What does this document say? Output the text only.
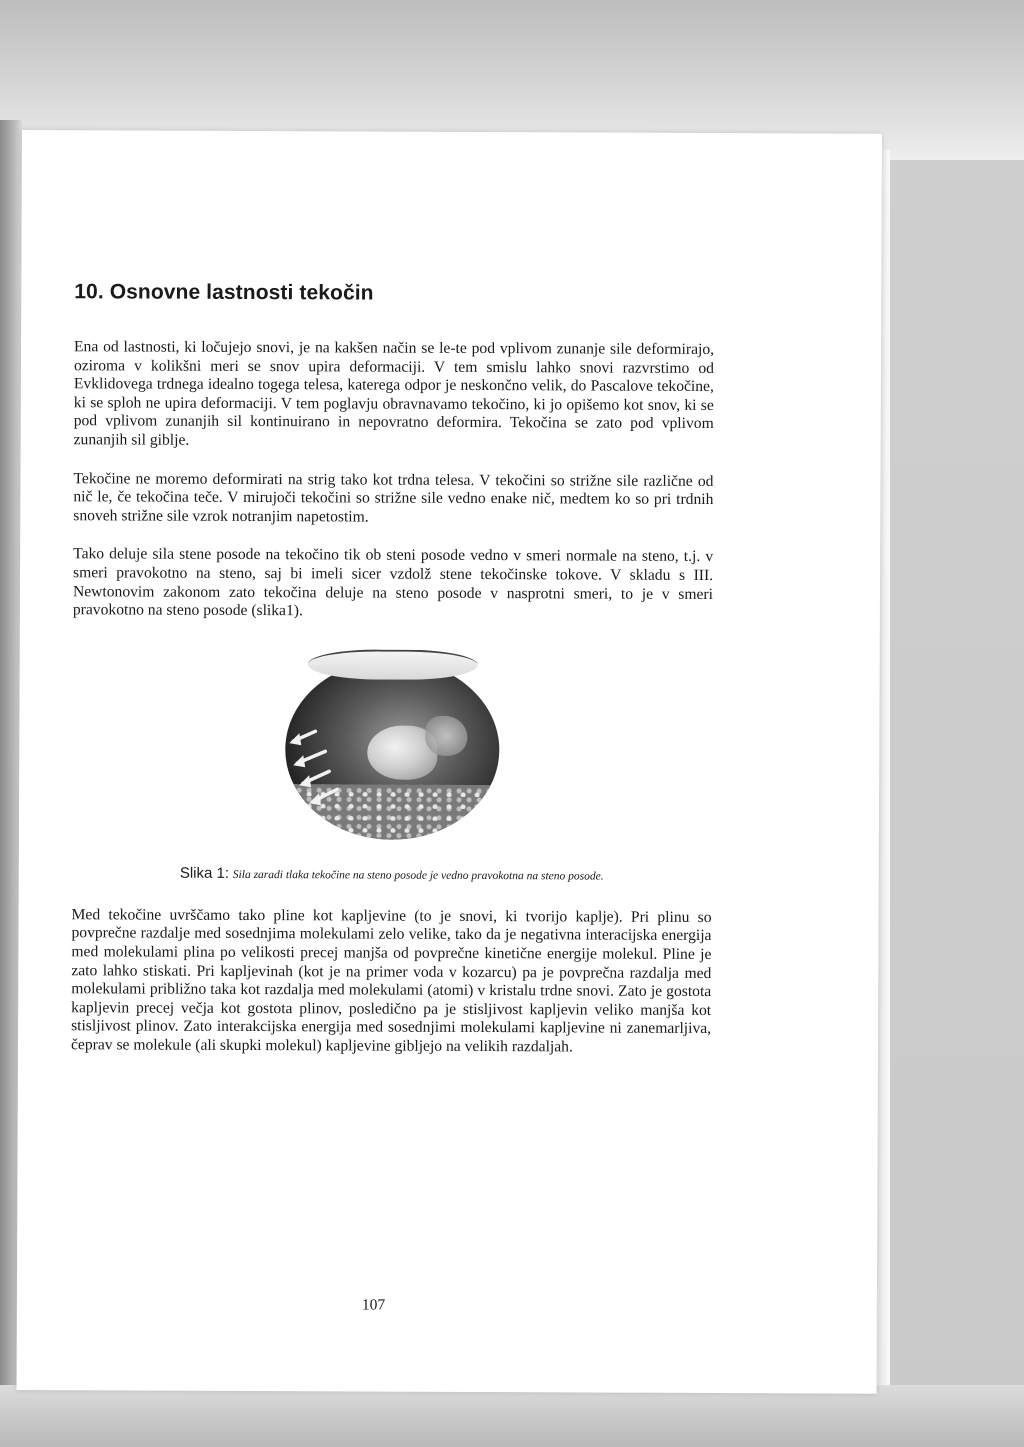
10. Osnovne lastnosti tekočin

Ena od lastnosti, ki ločujejo snovi, je na kakšen način se le-te pod vplivom zunanje sile deformirajo, oziroma v kolikšni meri se snov upira deformaciji. V tem smislu lahko snovi razvrstimo od Evklidovega trdnega idealno togega telesa, katerega odpor je neskončno velik, do Pascalove tekočine, ki se sploh ne upira deformaciji. V tem poglavju obravnavamo tekočino, ki jo opišemo kot snov, ki se pod vplivom zunanjih sil kontinuirano in nepovratno deformira. Tekočina se zato pod vplivom zunanjih sil giblje.

Tekočine ne moremo deformirati na strig tako kot trdna telesa. V tekočini so strižne sile različne od nič le, če tekočina teče. V mirujoči tekočini so strižne sile vedno enake nič, medtem ko so pri trdnih snoveh strižne sile vzrok notranjim napetostim.

Tako deluje sila stene posode na tekočino tik ob steni posode vedno v smeri normale na steno, t.j. v smeri pravokotno na steno, saj bi imeli sicer vzdolž stene tekočinske tokove. V skladu s III. Newtonovim zakonom zato tekočina deluje na steno posode v nasprotni smeri, to je v smeri pravokotno na steno posode (slika1).

Slika 1: Sila zaradi tlaka tekočine na steno posode je vedno pravokotna na steno posode.

Med tekočine uvrščamo tako pline kot kapljevine (to je snovi, ki tvorijo kaplje). Pri plinu so povprečne razdalje med sosednjima molekulami zelo velike, tako da je negativna interacijska energija med molekulami plina po velikosti precej manjša od povprečne kinetične energije molekul. Pline je zato lahko stiskati. Pri kapljevinah (kot je na primer voda v kozarcu) pa je povprečna razdalja med molekulami približno taka kot razdalja med molekulami (atomi) v kristalu trdne snovi. Zato je gostota kapljevin precej večja kot gostota plinov, posledično pa je stisljivost kapljevin veliko manjša kot stisljivost plinov. Zato interakcijska energija med sosednjimi molekulami kapljevine ni zanemarljiva, čeprav se molekule (ali skupki molekul) kapljevine gibljejo na velikih razdaljah.

107
